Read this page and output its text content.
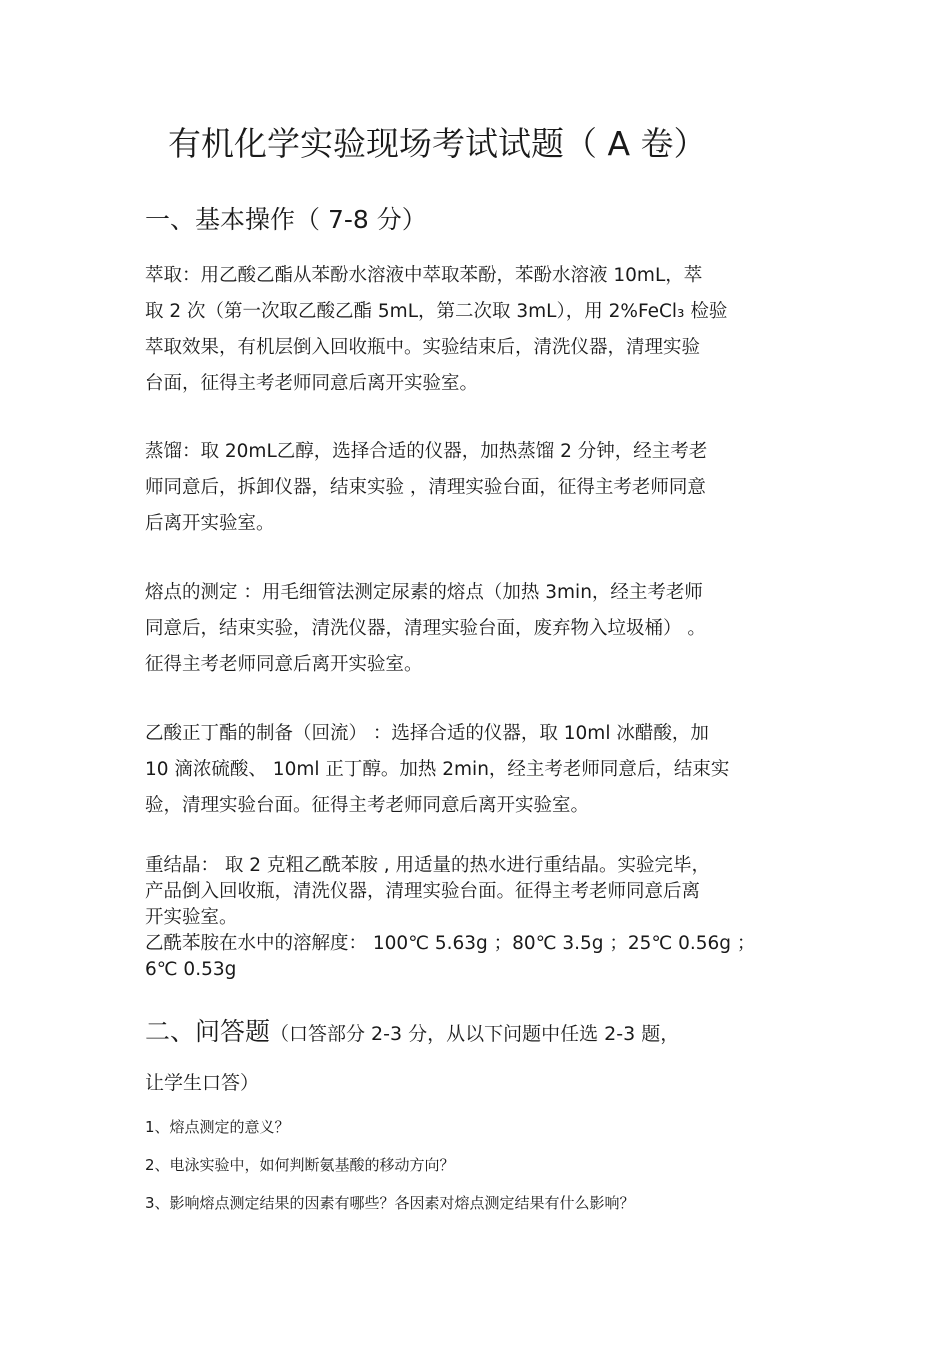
有机化学实验现场考试试题（ A 卷）
一、基本操作（ 7-8 分）
萃取：用乙酸乙酯从苯酚水溶液中萃取苯酚，苯酚水溶液 10mL，萃
取 2 次（第一次取乙酸乙酯 5mL，第二次取 3mL），用 2%FeCl₃ 检验
萃取效果，有机层倒入回收瓶中。实验结束后，清洗仪器，清理实验
台面，征得主考老师同意后离开实验室。
蒸馏：取 20mL乙醇，选择合适的仪器，加热蒸馏 2 分钟，经主考老
师同意后，拆卸仪器，结束实验 ，清理实验台面，征得主考老师同意
后离开实验室。
熔点的测定 ：用毛细管法测定尿素的熔点（加热 3min，经主考老师
同意后，结束实验，清洗仪器，清理实验台面，废弃物入垃圾桶） 。
征得主考老师同意后离开实验室。
乙酸正丁酯的制备（回流） ：选择合适的仪器，取 10ml 冰醋酸，加
10 滴浓硫酸、 10ml 正丁醇。加热 2min，经主考老师同意后，结束实
验，清理实验台面。征得主考老师同意后离开实验室。
重结晶： 取 2 克粗乙酰苯胺 , 用适量的热水进行重结晶。实验完毕，
产品倒入回收瓶，清洗仪器，清理实验台面。征得主考老师同意后离
开实验室。
乙酰苯胺在水中的溶解度： 100℃ 5.63g ；80℃ 3.5g ；25℃ 0.56g ；
6℃ 0.53g
二、问答题（口答部分 2-3 分，从以下问题中任选 2-3 题，
让学生口答）
1、熔点测定的意义？
2、电泳实验中，如何判断氨基酸的移动方向？
3、影响熔点测定结果的因素有哪些？各因素对熔点测定结果有什么影响？
